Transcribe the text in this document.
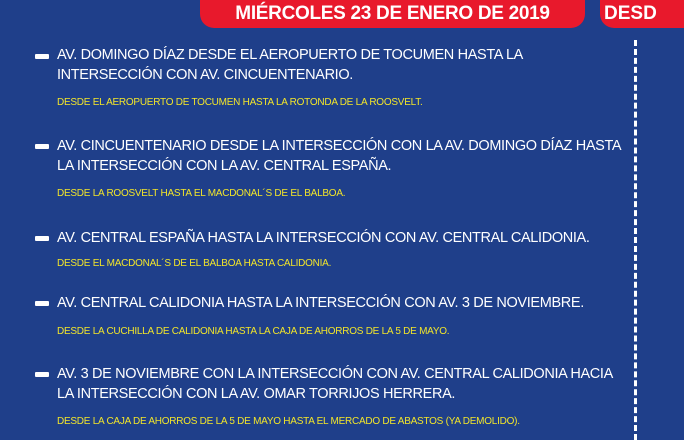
MIÉRCOLES 23 DE ENERO DE 2019	DESD
AV. DOMINGO DÍAZ DESDE EL AEROPUERTO DE TOCUMEN HASTA LA INTERSECCIÓN CON AV. CINCUENTENARIO.
DESDE EL AEROPUERTO DE TOCUMEN HASTA LA ROTONDA DE LA ROOSVELT.
AV. CINCUENTENARIO DESDE LA INTERSECCIÓN CON LA AV. DOMINGO DÍAZ HASTA LA INTERSECCIÓN CON LA AV. CENTRAL ESPAÑA.
DESDE LA ROOSVELT HASTA EL MACDONAL´S DE EL BALBOA.
AV. CENTRAL ESPAÑA HASTA LA INTERSECCIÓN CON AV. CENTRAL CALIDONIA.
DESDE EL MACDONAL´S DE EL BALBOA HASTA CALIDONIA.
AV. CENTRAL CALIDONIA HASTA LA INTERSECCIÓN CON AV. 3 DE NOVIEMBRE.
DESDE LA CUCHILLA DE CALIDONIA HASTA LA CAJA DE AHORROS DE LA 5 DE MAYO.
AV. 3 DE NOVIEMBRE CON LA INTERSECCIÓN CON AV. CENTRAL CALIDONIA HACIA LA INTERSECCIÓN CON LA AV. OMAR TORRIJOS HERRERA.
DESDE LA CAJA DE AHORROS DE LA 5 DE MAYO HASTA EL MERCADO DE ABASTOS (YA DEMOLIDO).
